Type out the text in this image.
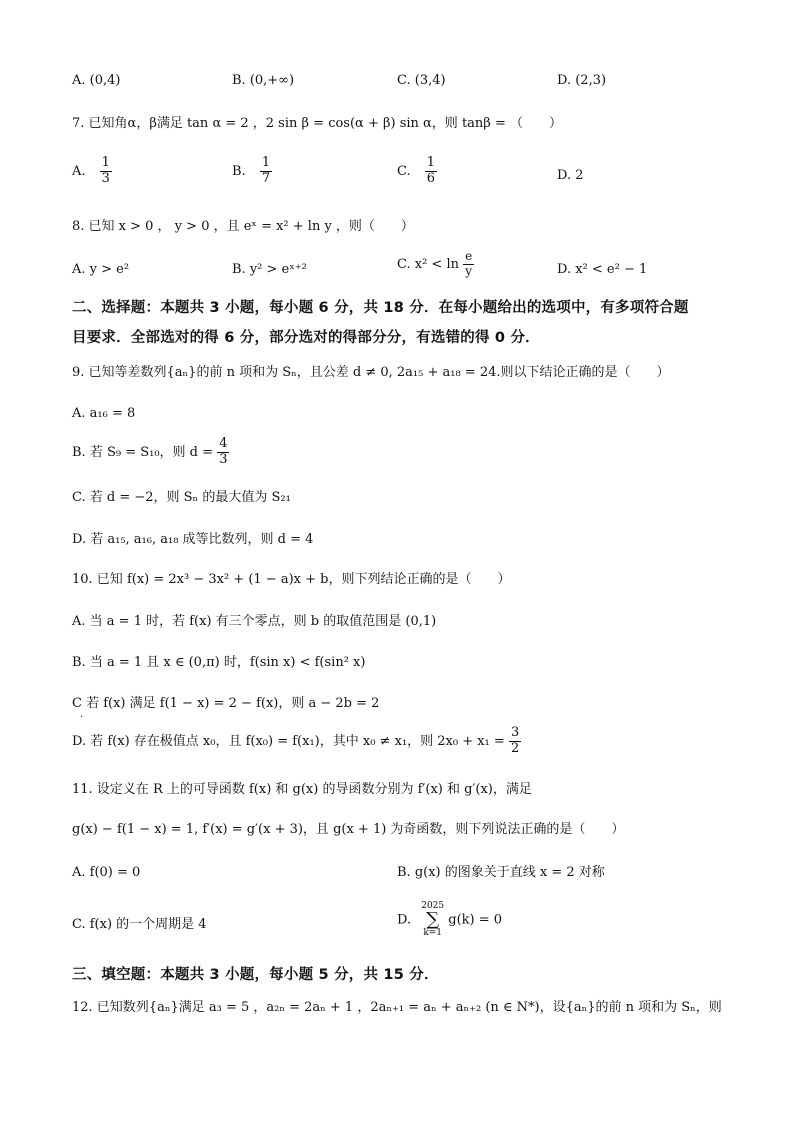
A. (0,4)	B. (0,+∞)	C. (3,4)	D. (2,3)
7. 已知角α，β满足 tan α = 2 ，2 sin β = cos(α + β) sin α，则 tanβ = （　　）
A. $\frac{1}{3}$	B. $\frac{1}{7}$	C. $\frac{1}{6}$	D. 2
8. 已知 x > 0 ， y > 0 ，且 eˣ = x² + ln y ，则（　　）
A. y > e²	B. y² > eˣ⁺²	C. $x^2 < \ln \frac{e}{y}$	D. x² < e² − 1
二、选择题：本题共 3 小题，每小题 6 分，共 18 分．在每小题给出的选项中，有多项符合题
目要求．全部选对的得 6 分，部分选对的得部分分，有选错的得 0 分．
9. 已知等差数列{aₙ}的前 n 项和为 Sₙ，且公差 d ≠ 0, 2a₁₅ + a₁₈ = 24.则以下结论正确的是（　　）
A. a₁₆ = 8
B. 若 S₉ = S₁₀，则 $d = \frac{4}{3}$
C. 若 d = −2，则 Sₙ 的最大值为 S₂₁
D. 若 a₁₅, a₁₆, a₁₈ 成等比数列，则 d = 4
10. 已知 f(x) = 2x³ − 3x² + (1 − a)x + b，则下列结论正确的是（　　）
A. 当 a = 1 时，若 f(x) 有三个零点，则 b 的取值范围是 (0,1)
B. 当 a = 1 且 x ∈ (0,π) 时，f(sin x) < f(sin² x)
C 若 f(x) 满足 f(1 − x) = 2 − f(x)，则 a − 2b = 2
·
D. 若 f(x) 存在极值点 x₀，且 f(x₀) = f(x₁)，其中 x₀ ≠ x₁，则 $2x_0 + x_1 = \frac{3}{2}$
11. 设定义在 R 上的可导函数 f(x) 和 g(x) 的导函数分别为 f′(x) 和 g′(x)，满足
g(x) − f(1 − x) = 1, f′(x) = g′(x + 3)，且 g(x + 1) 为奇函数，则下列说法正确的是（　　）
A. f(0) = 0	B. g(x) 的图象关于直线 x = 2 对称
C. f(x) 的一个周期是 4	D.
2025
∑
k=1
g(k) = 0
三、填空题：本题共 3 小题，每小题 5 分，共 15 分．
12. 已知数列{aₙ}满足 a₃ = 5 ，a₂ₙ = 2aₙ + 1 ，2aₙ₊₁ = aₙ + aₙ₊₂ (n ∈ N*)，设{aₙ}的前 n 项和为 Sₙ，则
